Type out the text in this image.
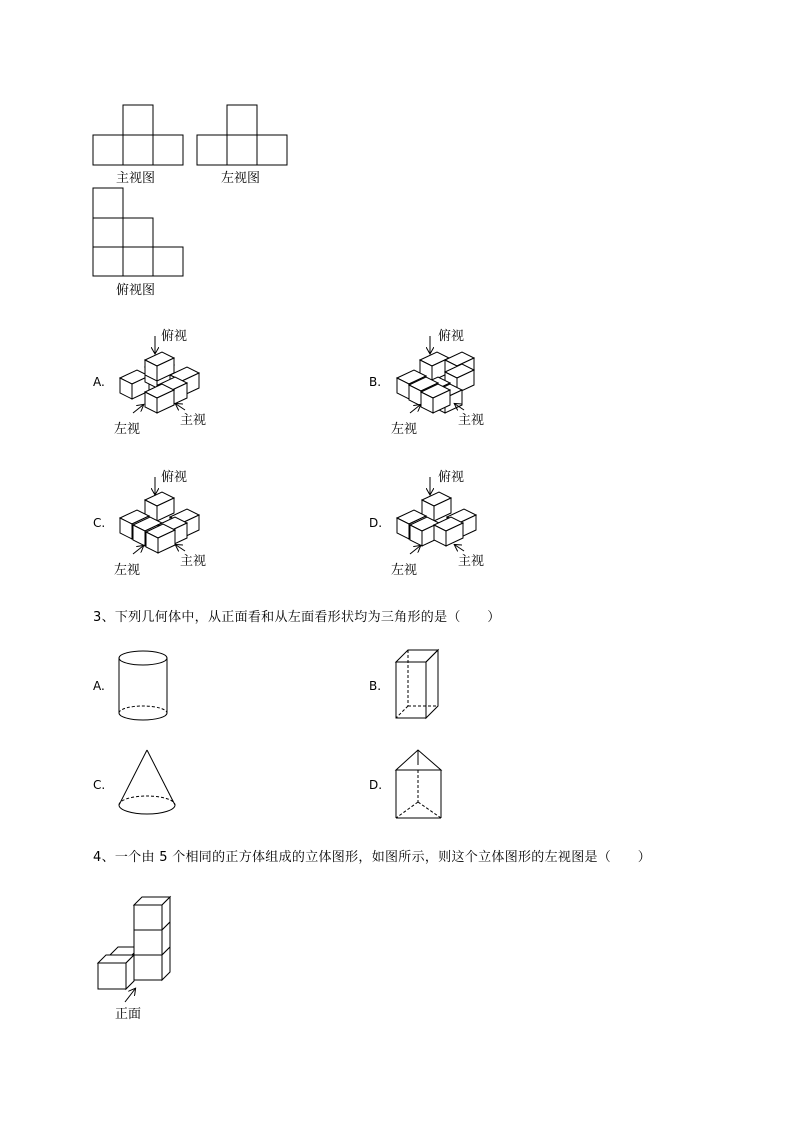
主视图	左视图
俯视图
A.
俯视
左视
主视
B.
俯视
左视
主视
C.
俯视
左视
主视
D.
俯视
左视
主视
3、下列几何体中，从正面看和从左面看形状均为三角形的是（　　）
A.	B.
C.	D.
4、一个由 5 个相同的正方体组成的立体图形，如图所示，则这个立体图形的左视图是（　　）
正面
